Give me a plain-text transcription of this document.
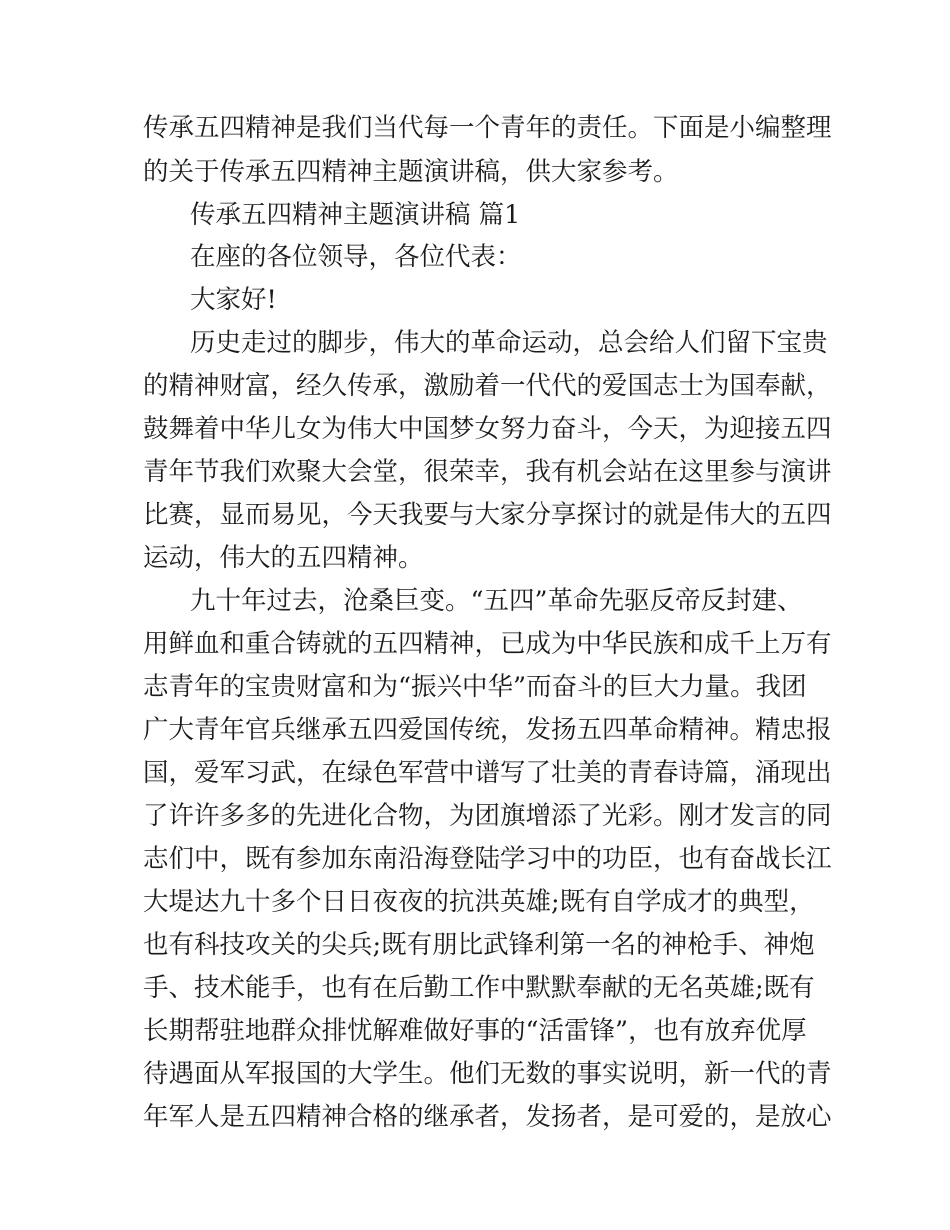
传承五四精神是我们当代每一个青年的责任。下面是小编整理
的关于传承五四精神主题演讲稿，供大家参考。
传承五四精神主题演讲稿 篇1
在座的各位领导，各位代表：
大家好!
历史走过的脚步，伟大的革命运动，总会给人们留下宝贵
的精神财富，经久传承，激励着一代代的爱国志士为国奉献，
鼓舞着中华儿女为伟大中国梦女努力奋斗，今天，为迎接五四
青年节我们欢聚大会堂，很荣幸，我有机会站在这里参与演讲
比赛，显而易见，今天我要与大家分享探讨的就是伟大的五四
运动，伟大的五四精神。
九十年过去，沧桑巨变。“五四”革命先驱反帝反封建、
用鲜血和重合铸就的五四精神，已成为中华民族和成千上万有
志青年的宝贵财富和为“振兴中华”而奋斗的巨大力量。我团
广大青年官兵继承五四爱国传统，发扬五四革命精神。精忠报
国，爱军习武，在绿色军营中谱写了壮美的青春诗篇，涌现出
了许许多多的先进化合物，为团旗增添了光彩。刚才发言的同
志们中，既有参加东南沿海登陆学习中的功臣，也有奋战长江
大堤达九十多个日日夜夜的抗洪英雄;既有自学成才的典型，
也有科技攻关的尖兵;既有朋比武锋利第一名的神枪手、神炮
手、技术能手，也有在后勤工作中默默奉献的无名英雄;既有
长期帮驻地群众排忧解难做好事的“活雷锋”，也有放弃优厚
待遇面从军报国的大学生。他们无数的事实说明，新一代的青
年军人是五四精神合格的继承者，发扬者，是可爱的，是放心
